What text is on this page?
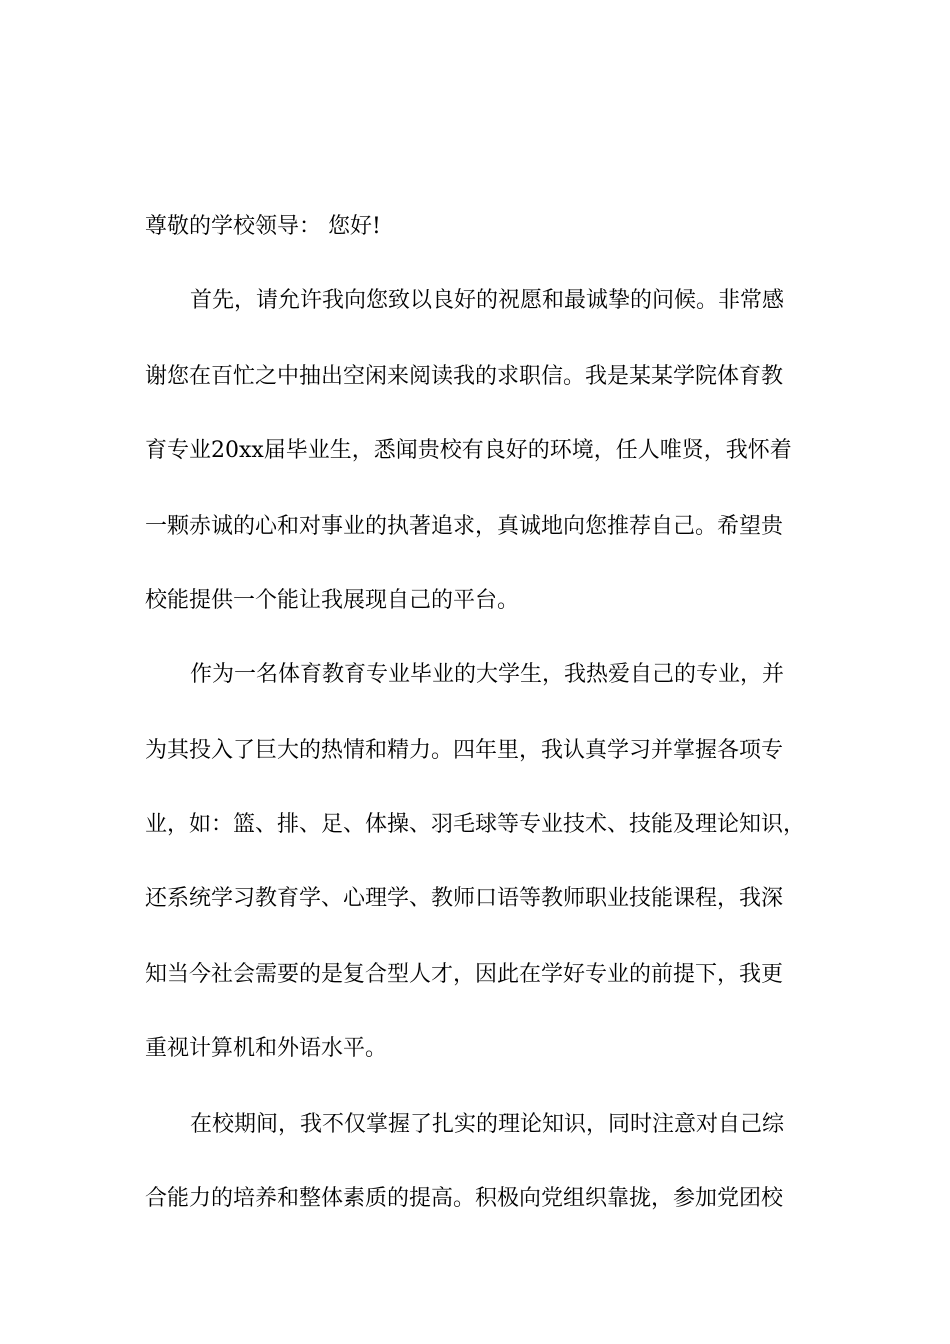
尊敬的学校领导： 您好!
首先，请允许我向您致以良好的祝愿和最诚挚的问候。非常感
谢您在百忙之中抽出空闲来阅读我的求职信。我是某某学院体育教
育专业20xx届毕业生，悉闻贵校有良好的环境，任人唯贤，我怀着
一颗赤诚的心和对事业的执著追求，真诚地向您推荐自己。希望贵
校能提供一个能让我展现自己的平台。
作为一名体育教育专业毕业的大学生，我热爱自己的专业，并
为其投入了巨大的热情和精力。四年里，我认真学习并掌握各项专
业，如：篮、排、足、体操、羽毛球等专业技术、技能及理论知识，
还系统学习教育学、心理学、教师口语等教师职业技能课程，我深
知当今社会需要的是复合型人才，因此在学好专业的前提下，我更
重视计算机和外语水平。
在校期间，我不仅掌握了扎实的理论知识，同时注意对自己综
合能力的培养和整体素质的提高。积极向党组织靠拢，参加党团校
